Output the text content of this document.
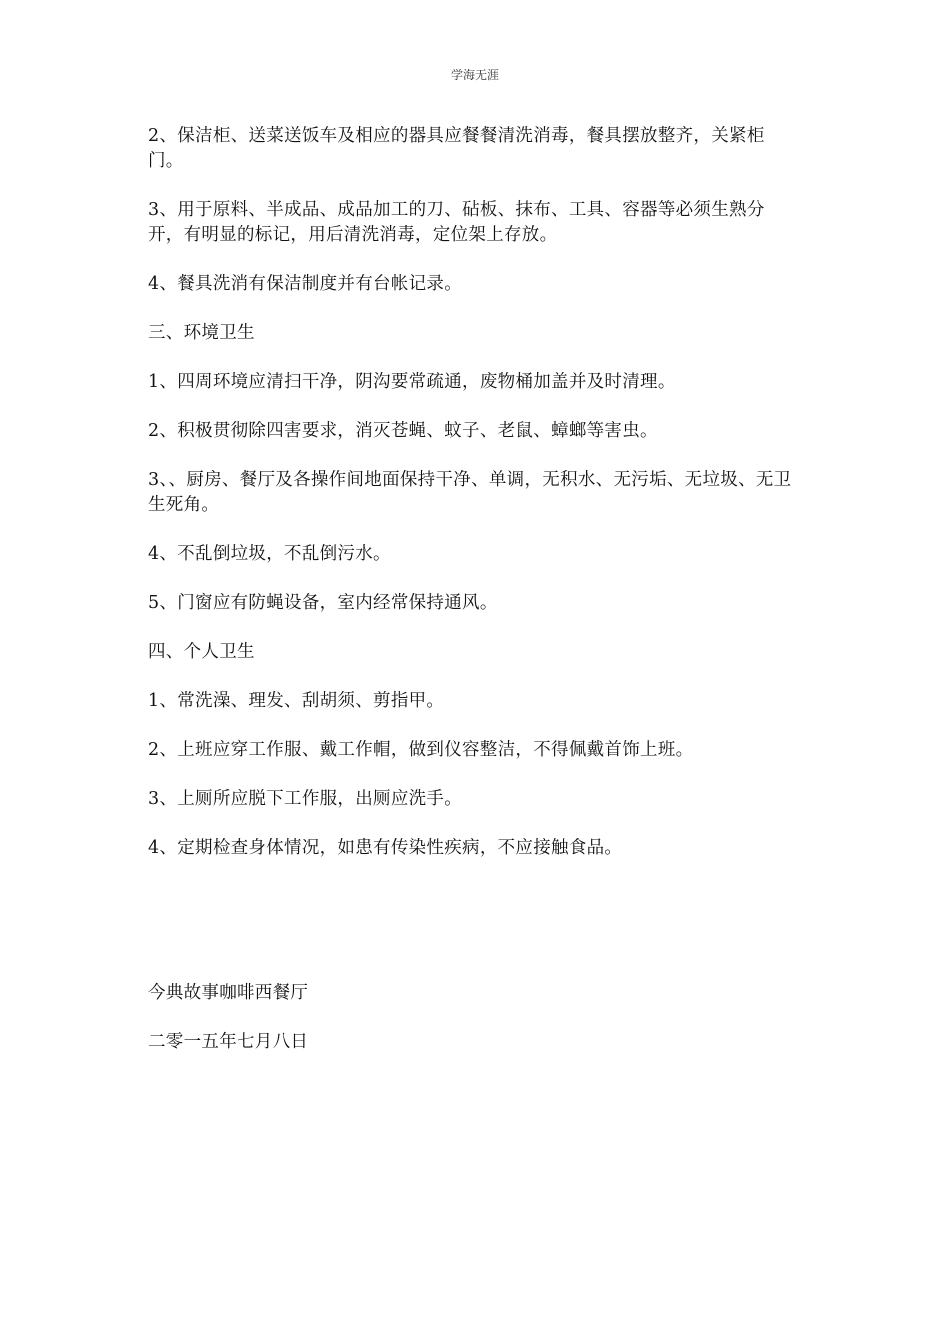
学海无涯

2、保洁柜、送菜送饭车及相应的器具应餐餐清洗消毒，餐具摆放整齐，关紧柜门。

3、用于原料、半成品、成品加工的刀、砧板、抹布、工具、容器等必须生熟分开，有明显的标记，用后清洗消毒，定位架上存放。

4、餐具洗消有保洁制度并有台帐记录。

三、环境卫生

1、四周环境应清扫干净，阴沟要常疏通，废物桶加盖并及时清理。

2、积极贯彻除四害要求，消灭苍蝇、蚊子、老鼠、蟑螂等害虫。

3、、厨房、餐厅及各操作间地面保持干净、单调，无积水、无污垢、无垃圾、无卫生死角。

4、不乱倒垃圾，不乱倒污水。

5、门窗应有防蝇设备，室内经常保持通风。

四、个人卫生

1、常洗澡、理发、刮胡须、剪指甲。

2、上班应穿工作服、戴工作帽，做到仪容整洁，不得佩戴首饰上班。

3、上厕所应脱下工作服，出厕应洗手。

4、定期检查身体情况，如患有传染性疾病，不应接触食品。

今典故事咖啡西餐厅

二零一五年七月八日
